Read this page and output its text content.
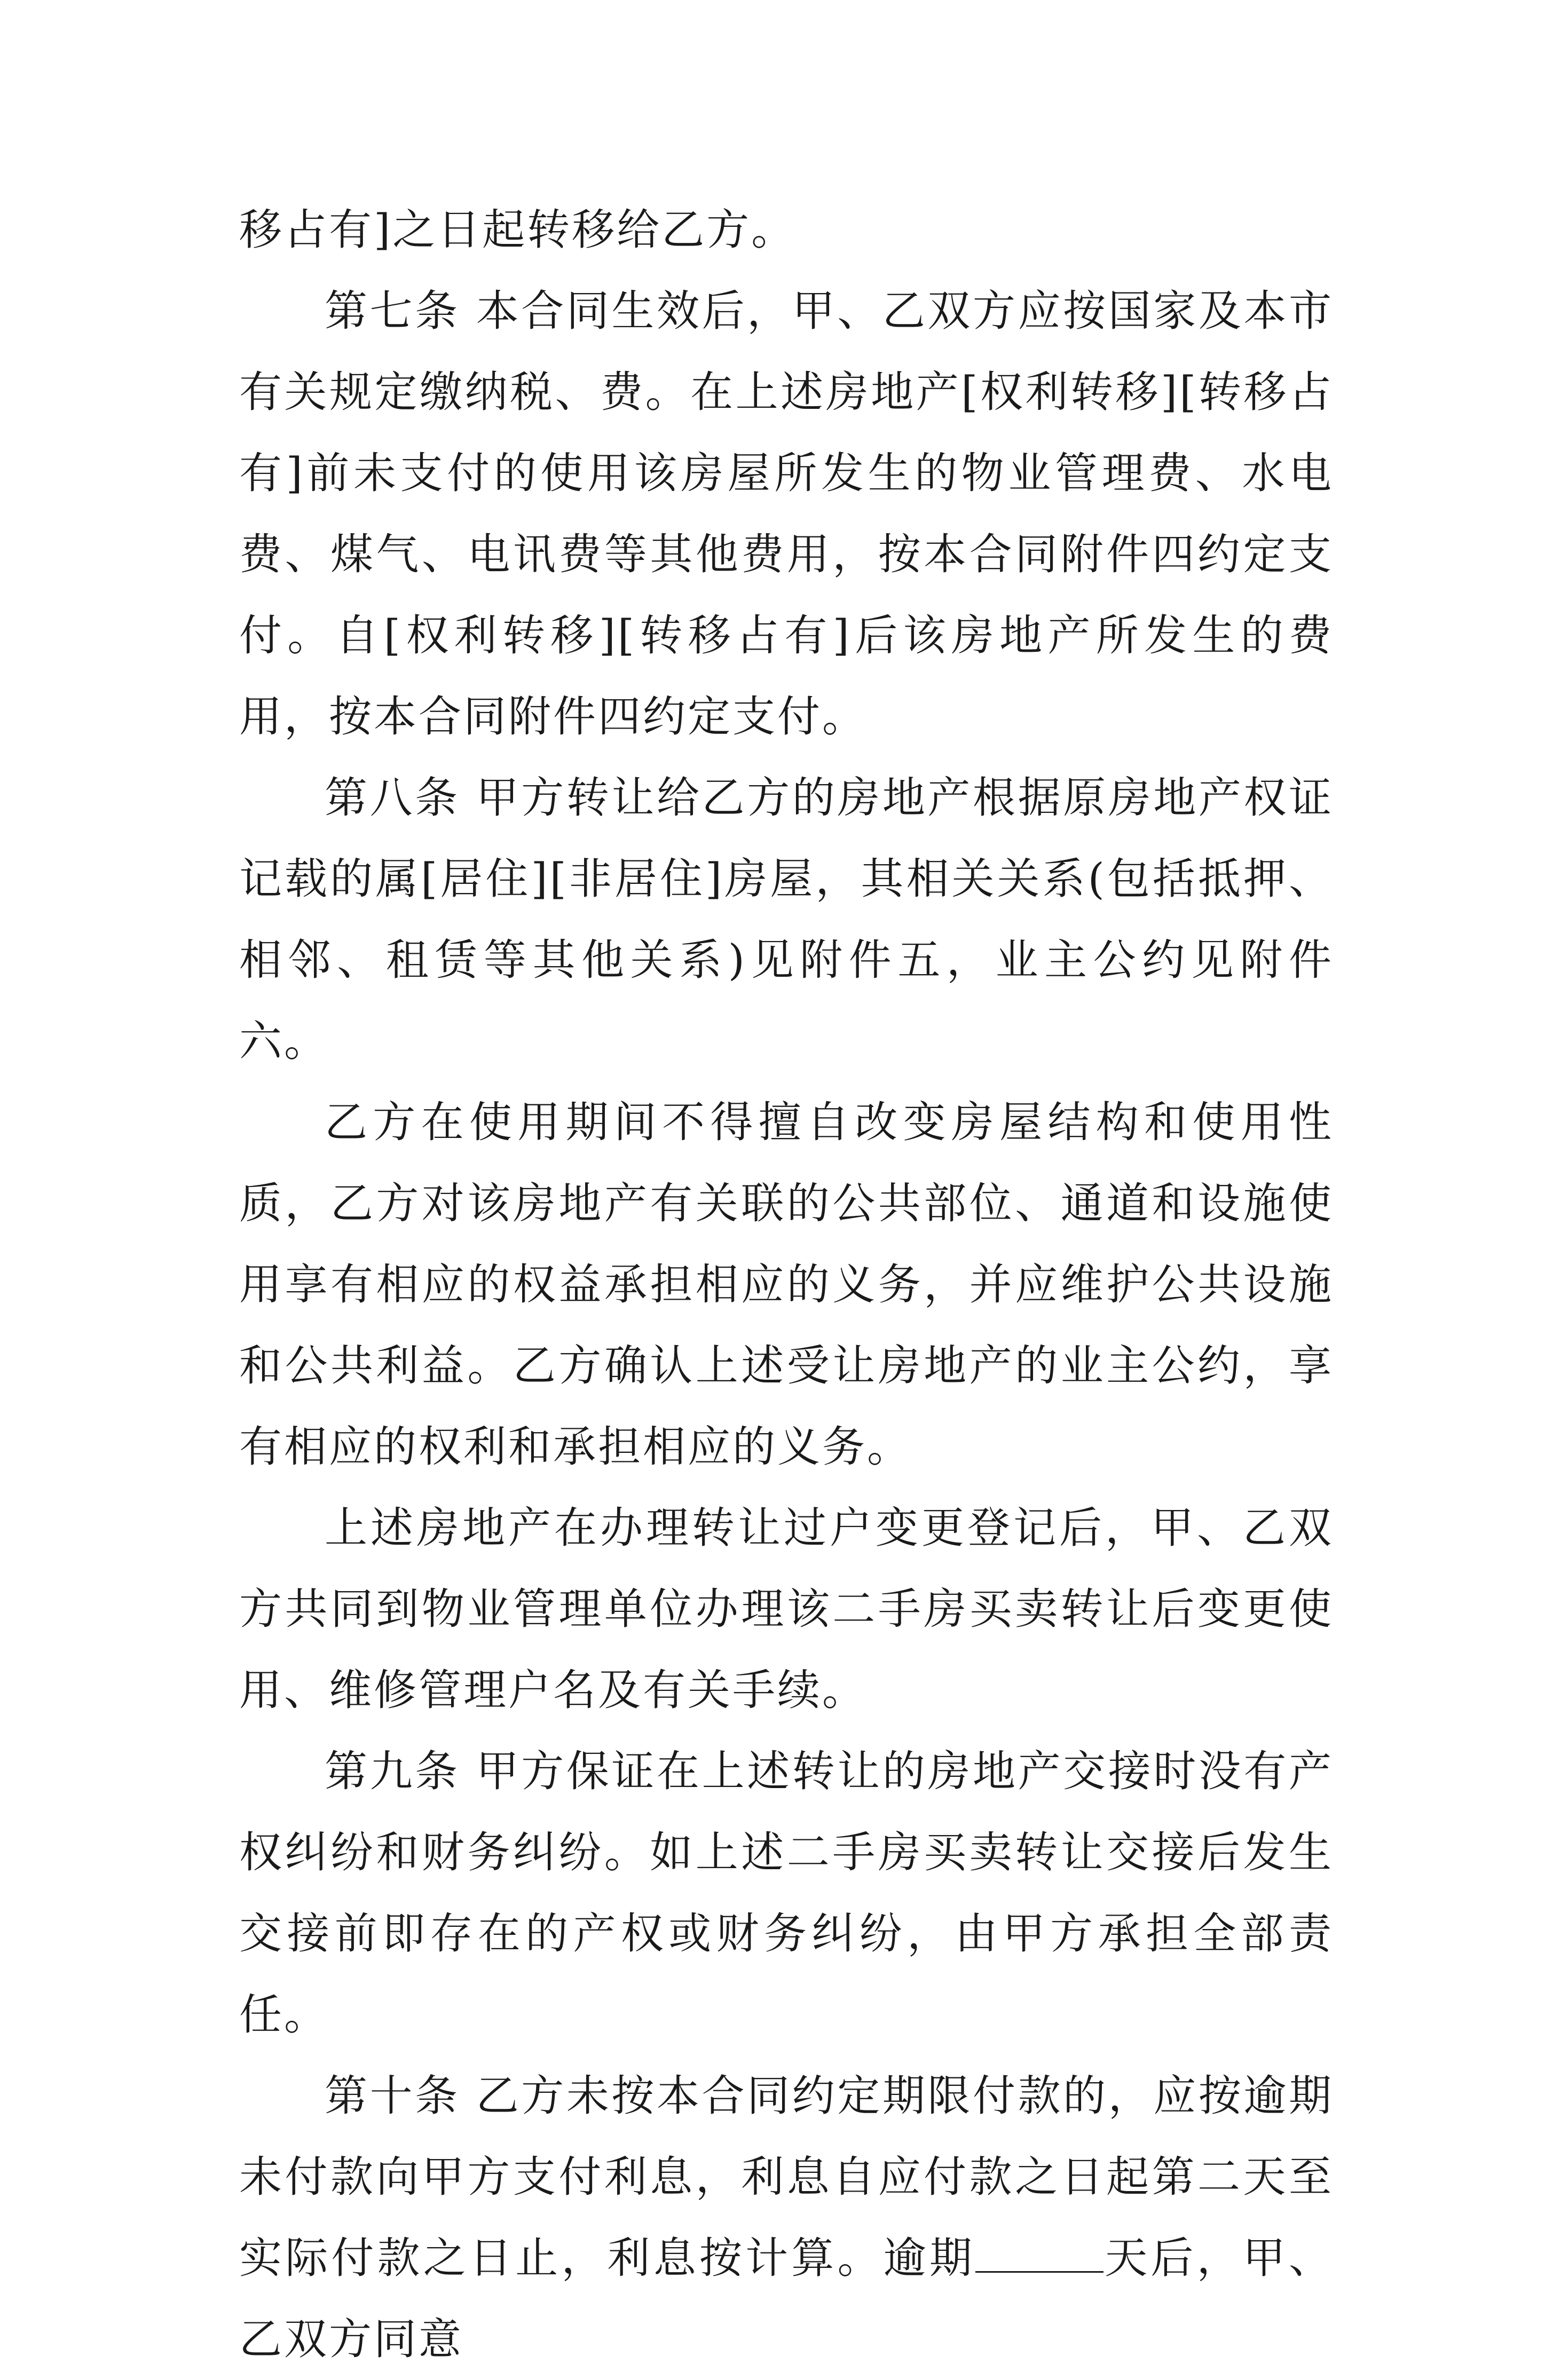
移占有]之日起转移给乙方。

第七条 本合同生效后，甲、乙双方应按国家及本市有关规定缴纳税、费。在上述房地产[权利转移][转移占有]前未支付的使用该房屋所发生的物业管理费、水电费、煤气、电讯费等其他费用，按本合同附件四约定支付。自[权利转移][转移占有]后该房地产所发生的费用，按本合同附件四约定支付。

第八条 甲方转让给乙方的房地产根据原房地产权证记载的属[居住][非居住]房屋，其相关关系(包括抵押、相邻、租赁等其他关系)见附件五，业主公约见附件六。

乙方在使用期间不得擅自改变房屋结构和使用性质，乙方对该房地产有关联的公共部位、通道和设施使用享有相应的权益承担相应的义务，并应维护公共设施和公共利益。乙方确认上述受让房地产的业主公约，享有相应的权利和承担相应的义务。

上述房地产在办理转让过户变更登记后，甲、乙双方共同到物业管理单位办理该二手房买卖转让后变更使用、维修管理户名及有关手续。

第九条 甲方保证在上述转让的房地产交接时没有产权纠纷和财务纠纷。如上述二手房买卖转让交接后发生交接前即存在的产权或财务纠纷，由甲方承担全部责任。

第十条 乙方未按本合同约定期限付款的，应按逾期未付款向甲方支付利息，利息自应付款之日起第二天至实际付款之日止，利息按计算。逾期	天后，甲、乙双方同意
